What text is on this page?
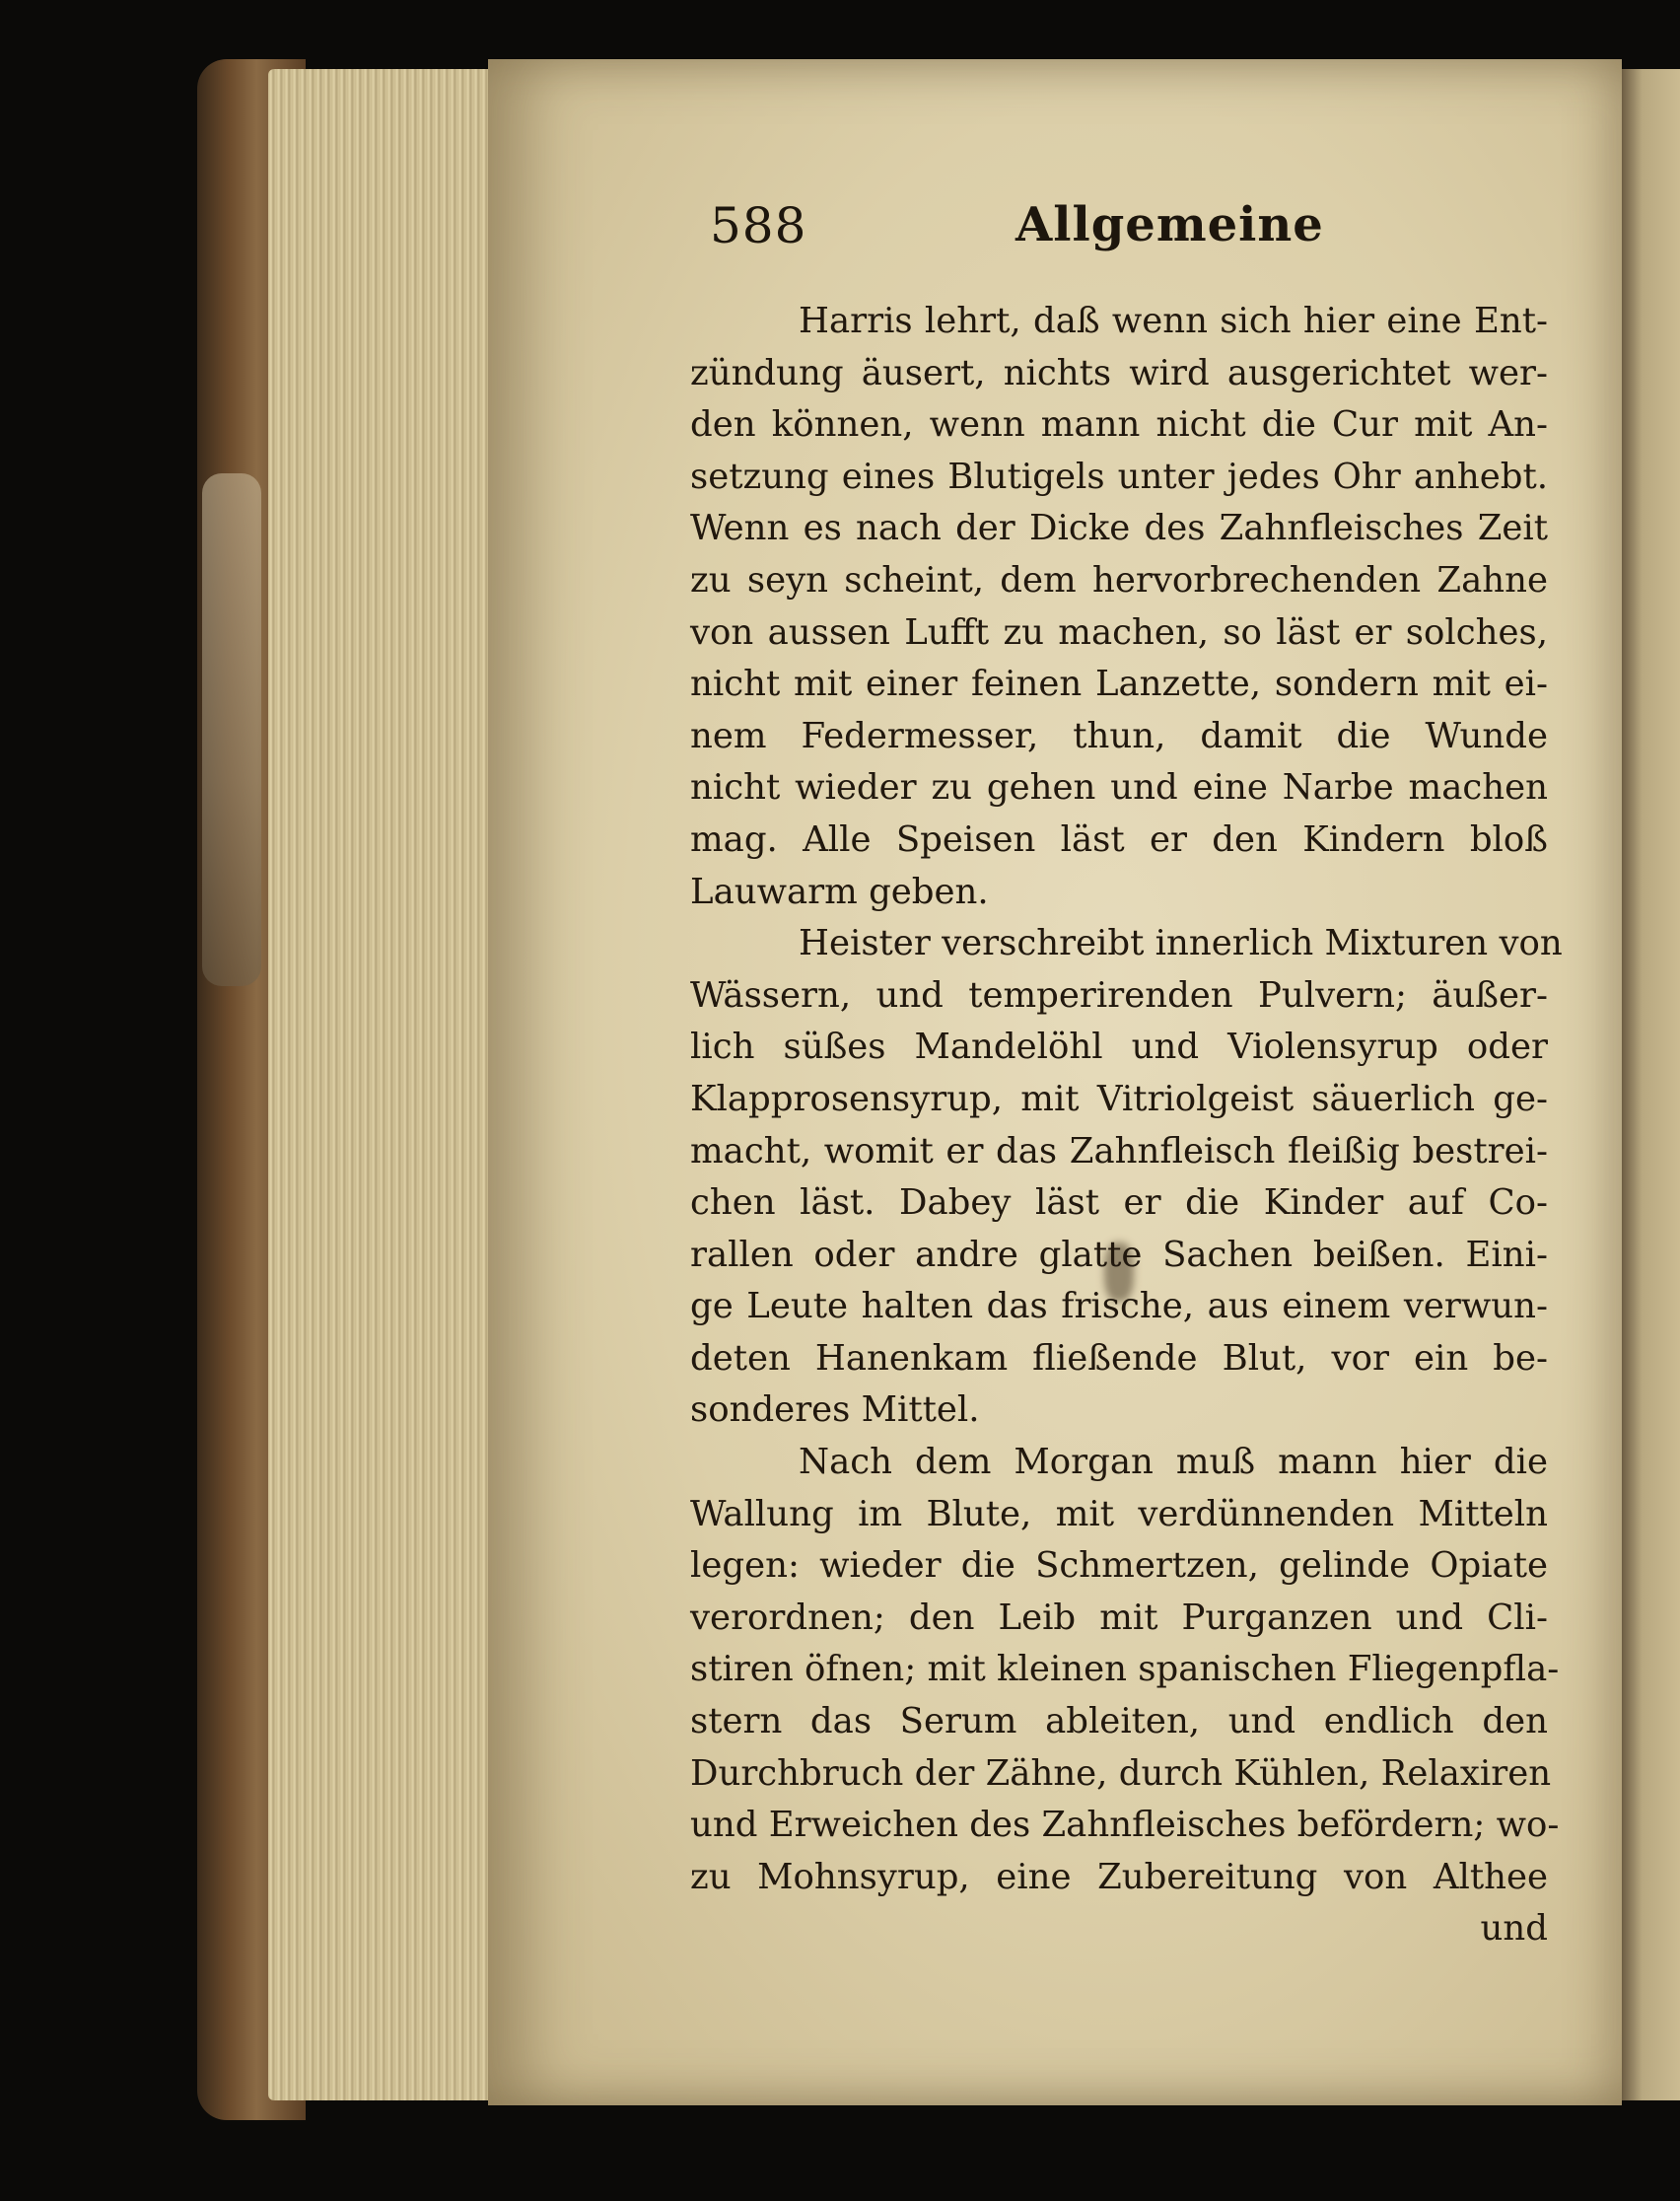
588	Allgemeine
Harris lehrt, daß wenn sich hier eine Ent-
zündung äusert, nichts wird ausgerichtet wer-
den können, wenn mann nicht die Cur mit An-
setzung eines Blutigels unter jedes Ohr anhebt.
Wenn es nach der Dicke des Zahnfleisches Zeit
zu seyn scheint, dem hervorbrechenden Zahne
von aussen Lufft zu machen, so läst er solches,
nicht mit einer feinen Lanzette, sondern mit ei-
nem Federmesser, thun, damit die Wunde
nicht wieder zu gehen und eine Narbe machen
mag. Alle Speisen läst er den Kindern bloß
Lauwarm geben.
Heister verschreibt innerlich Mixturen von
Wässern, und temperirenden Pulvern; äußer-
lich süßes Mandelöhl und Violensyrup oder
Klapprosensyrup, mit Vitriolgeist säuerlich ge-
macht, womit er das Zahnfleisch fleißig bestrei-
chen läst. Dabey läst er die Kinder auf Co-
rallen oder andre glatte Sachen beißen. Eini-
ge Leute halten das frische, aus einem verwun-
deten Hanenkam fließende Blut, vor ein be-
sonderes Mittel.
Nach dem Morgan muß mann hier die
Wallung im Blute, mit verdünnenden Mitteln
legen: wieder die Schmertzen, gelinde Opiate
verordnen; den Leib mit Purganzen und Cli-
stiren öfnen; mit kleinen spanischen Fliegenpfla-
stern das Serum ableiten, und endlich den
Durchbruch der Zähne, durch Kühlen, Relaxiren
und Erweichen des Zahnfleisches befördern; wo-
zu Mohnsyrup, eine Zubereitung von Althee
und
